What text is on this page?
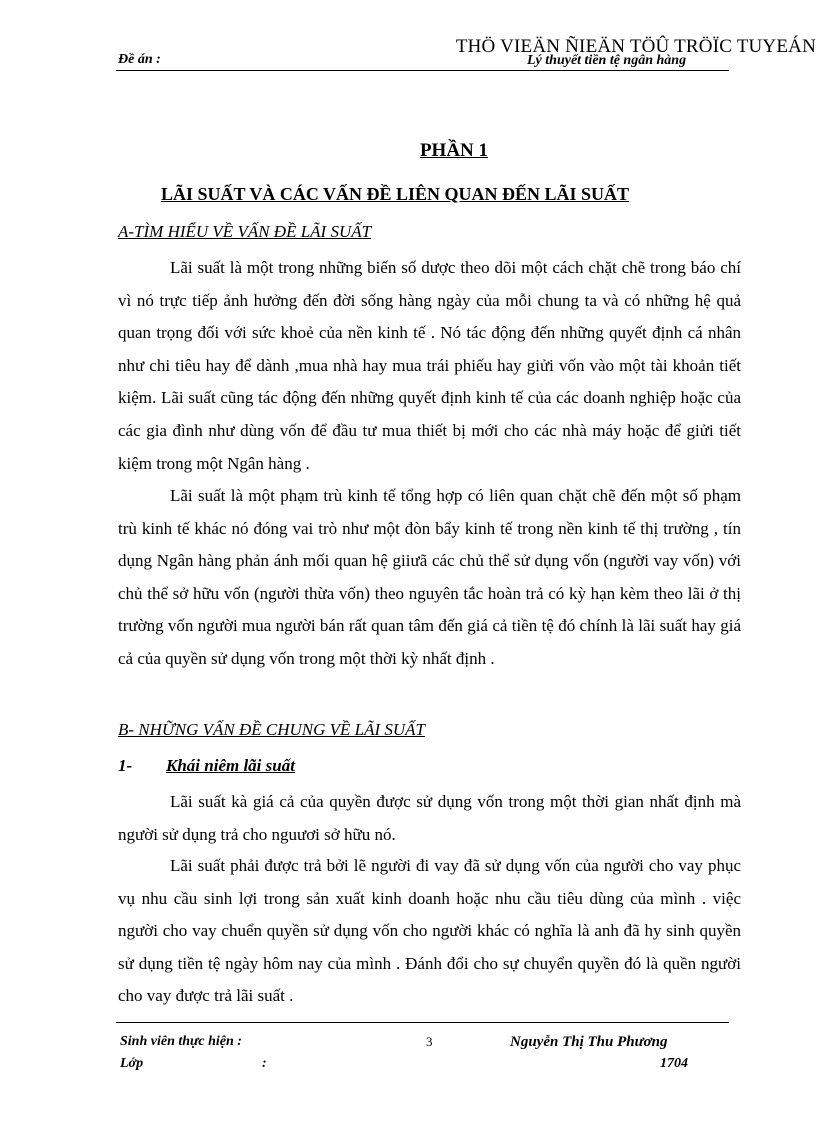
THÖ VIEÄN ÑIEÄN TÖÛ TRÖÏC TUYEÁN
Đề án :	Lý thuyết tiền tệ ngân hàng
PHẦN 1
LÃI SUẤT VÀ CÁC VẤN ĐỀ LIÊN QUAN ĐẾN LÃI SUẤT
A-TÌM HIỂU VỀ VẤN ĐỀ LÃI SUẤT

Lãi suất là một trong những biến số dược theo dõi một cách chặt chẽ trong báo chí vì nó trực tiếp ảnh hưởng đến đời sống hàng ngày của mỗi chung ta và có những hệ quả quan trọng đối với sức khoẻ của nền kinh tế . Nó tác động đến những quyết định cá nhân như chi tiêu hay để dành ,mua nhà hay mua trái phiếu hay giửi vốn vào một tài khoản tiết kiệm. Lãi suất cũng tác động đến những quyết định kinh tế của các doanh nghiệp hoặc của các gia đình như dùng vốn để đầu tư mua thiết bị mới cho các nhà máy hoặc để giửi tiết kiệm trong một Ngân hàng .

Lãi suất là một phạm trù kinh tế tổng hợp có liên quan chặt chẽ đến một số phạm trù kinh tế khác nó đóng vai trò như một đòn bẩy kinh tế trong nền kinh tế thị trường , tín dụng Ngân hàng phản ánh mối quan hệ giiưã các chủ thể sử dụng vốn (người vay vốn) với chủ thể sở hữu vốn (người thừa vốn) theo nguyên tắc hoàn trả có kỳ hạn kèm theo lãi ở thị trường vốn người mua người bán rất quan tâm đến giá cả tiền tệ đó chính là lãi suất hay giá cả của quyền sử dụng vốn trong một thời kỳ nhất định .

B- NHỮNG VẤN ĐỀ CHUNG VỀ LÃI SUẤT
1- Khái niêm lãi suất

Lãi suất kà giá cả của quyền được sử dụng vốn trong một thời gian nhất định mà người sử dụng trả cho nguươi sở hữu nó.

Lãi suất phải được trả bởi lẽ người đi vay đã sử dụng vốn của người cho vay phục vụ nhu cầu sinh lợi trong sản xuất kinh doanh hoặc nhu cầu tiêu dùng của mình . việc người cho vay chuển quyền sử dụng vốn cho người khác có nghĩa là anh đã hy sinh quyền sử dụng tiền tệ ngày hôm nay của mình . Đánh đổi cho sự chuyển quyền đó là quền người cho vay được trả lãi suất .

Sinh viên thực hiện :	3	Nguyễn Thị Thu Phương
Lớp	:	1704
